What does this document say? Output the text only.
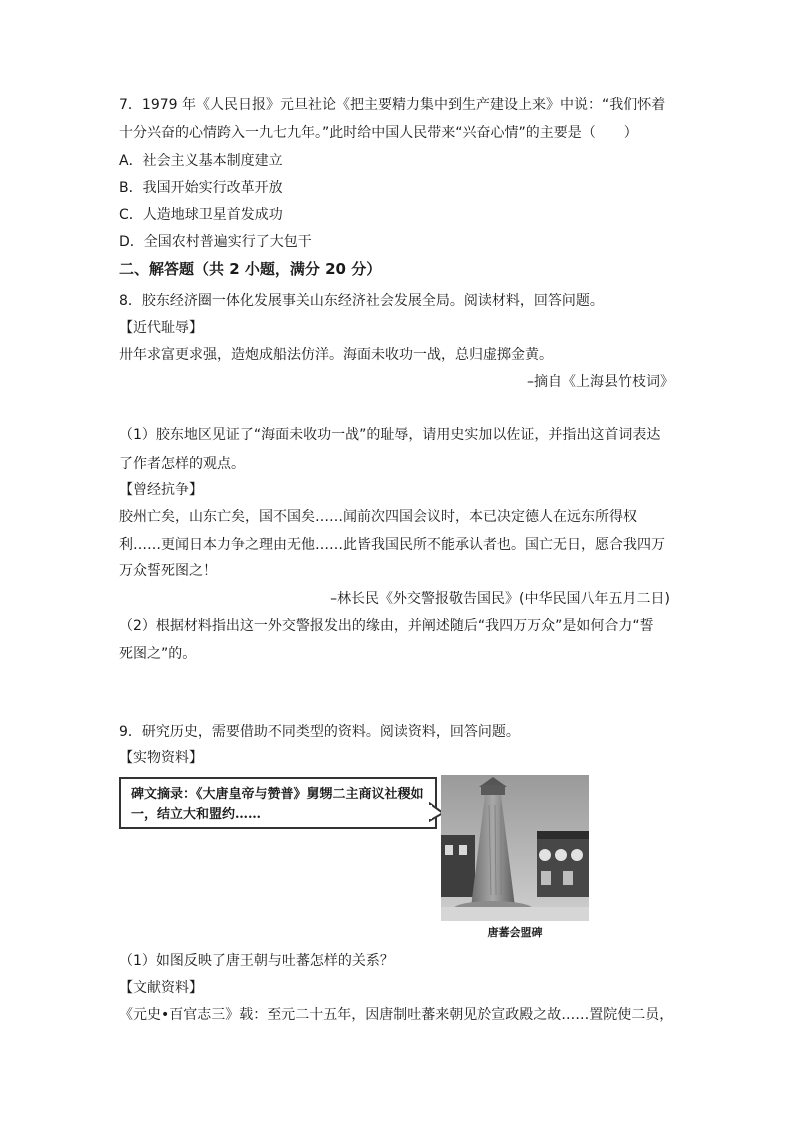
7．1979 年《人民日报》元旦社论《把主要精力集中到生产建设上来》中说：“我们怀着
十分兴奋的心情跨入一九七九年。”此时给中国人民带来“兴奋心情”的主要是（　　）
A．社会主义基本制度建立
B．我国开始实行改革开放
C．人造地球卫星首发成功
D．全国农村普遍实行了大包干
二、解答题（共 2 小题，满分 20 分）
8．胶东经济圈一体化发展事关山东经济社会发展全局。阅读材料，回答问题。
【近代耻辱】
卅年求富更求强，造炮成船法仿洋。海面未收功一战，总归虚掷金黄。
–摘自《上海县竹枝词》
（1）胶东地区见证了“海面未收功一战”的耻辱，请用史实加以佐证，并指出这首词表达
了作者怎样的观点。
【曾经抗争】
胶州亡矣，山东亡矣，国不国矣……闻前次四国会议时，本已决定德人在远东所得权
利……更闻日本力争之理由无他……此皆我国民所不能承认者也。国亡无日，愿合我四万
万众誓死图之！
–林长民《外交警报敬告国民》(中华民国八年五月二日)
（2）根据材料指出这一外交警报发出的缘由，并阐述随后“我四万万众”是如何合力“誓
死图之”的。
9．研究历史，需要借助不同类型的资料。阅读资料，回答问题。
【实物资料】
碑文摘录：《大唐皇帝与赞普》舅甥二主商议社稷如一，结立大和盟约……
唐蕃会盟碑
（1）如图反映了唐王朝与吐蕃怎样的关系？
【文献资料】
《元史•百官志三》载：至元二十五年，因唐制吐蕃来朝见於宣政殿之故……置院使二员，
